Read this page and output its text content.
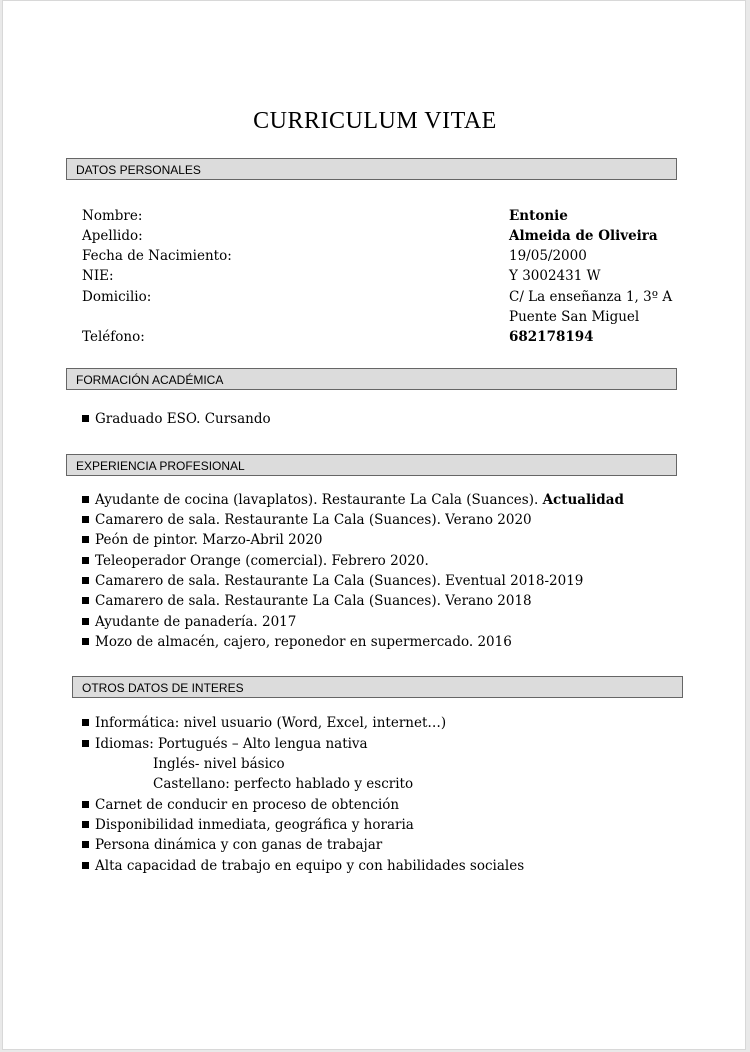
CURRICULUM VITAE
DATOS PERSONALES
Nombre:	Entonie
Apellido:	Almeida de Oliveira
Fecha de Nacimiento:	19/05/2000
NIE:	Y 3002431 W
Domicilio:	C/ La enseñanza 1, 3º A
Puente San Miguel
Teléfono:	682178194
FORMACIÓN ACADÉMICA
Graduado ESO. Cursando
EXPERIENCIA PROFESIONAL
Ayudante de cocina (lavaplatos). Restaurante La Cala (Suances). Actualidad
Camarero de sala. Restaurante La Cala (Suances). Verano 2020
Peón de pintor. Marzo-Abril 2020
Teleoperador Orange (comercial). Febrero 2020.
Camarero de sala. Restaurante La Cala (Suances). Eventual 2018-2019
Camarero de sala. Restaurante La Cala (Suances). Verano 2018
Ayudante de panadería. 2017
Mozo de almacén, cajero, reponedor en supermercado. 2016
OTROS DATOS DE INTERES
Informática: nivel usuario (Word, Excel, internet…)
Idiomas: Portugués – Alto lengua nativa
Inglés- nivel básico
Castellano: perfecto hablado y escrito
Carnet de conducir en proceso de obtención
Disponibilidad inmediata, geográfica y horaria
Persona dinámica y con ganas de trabajar
Alta capacidad de trabajo en equipo y con habilidades sociales
